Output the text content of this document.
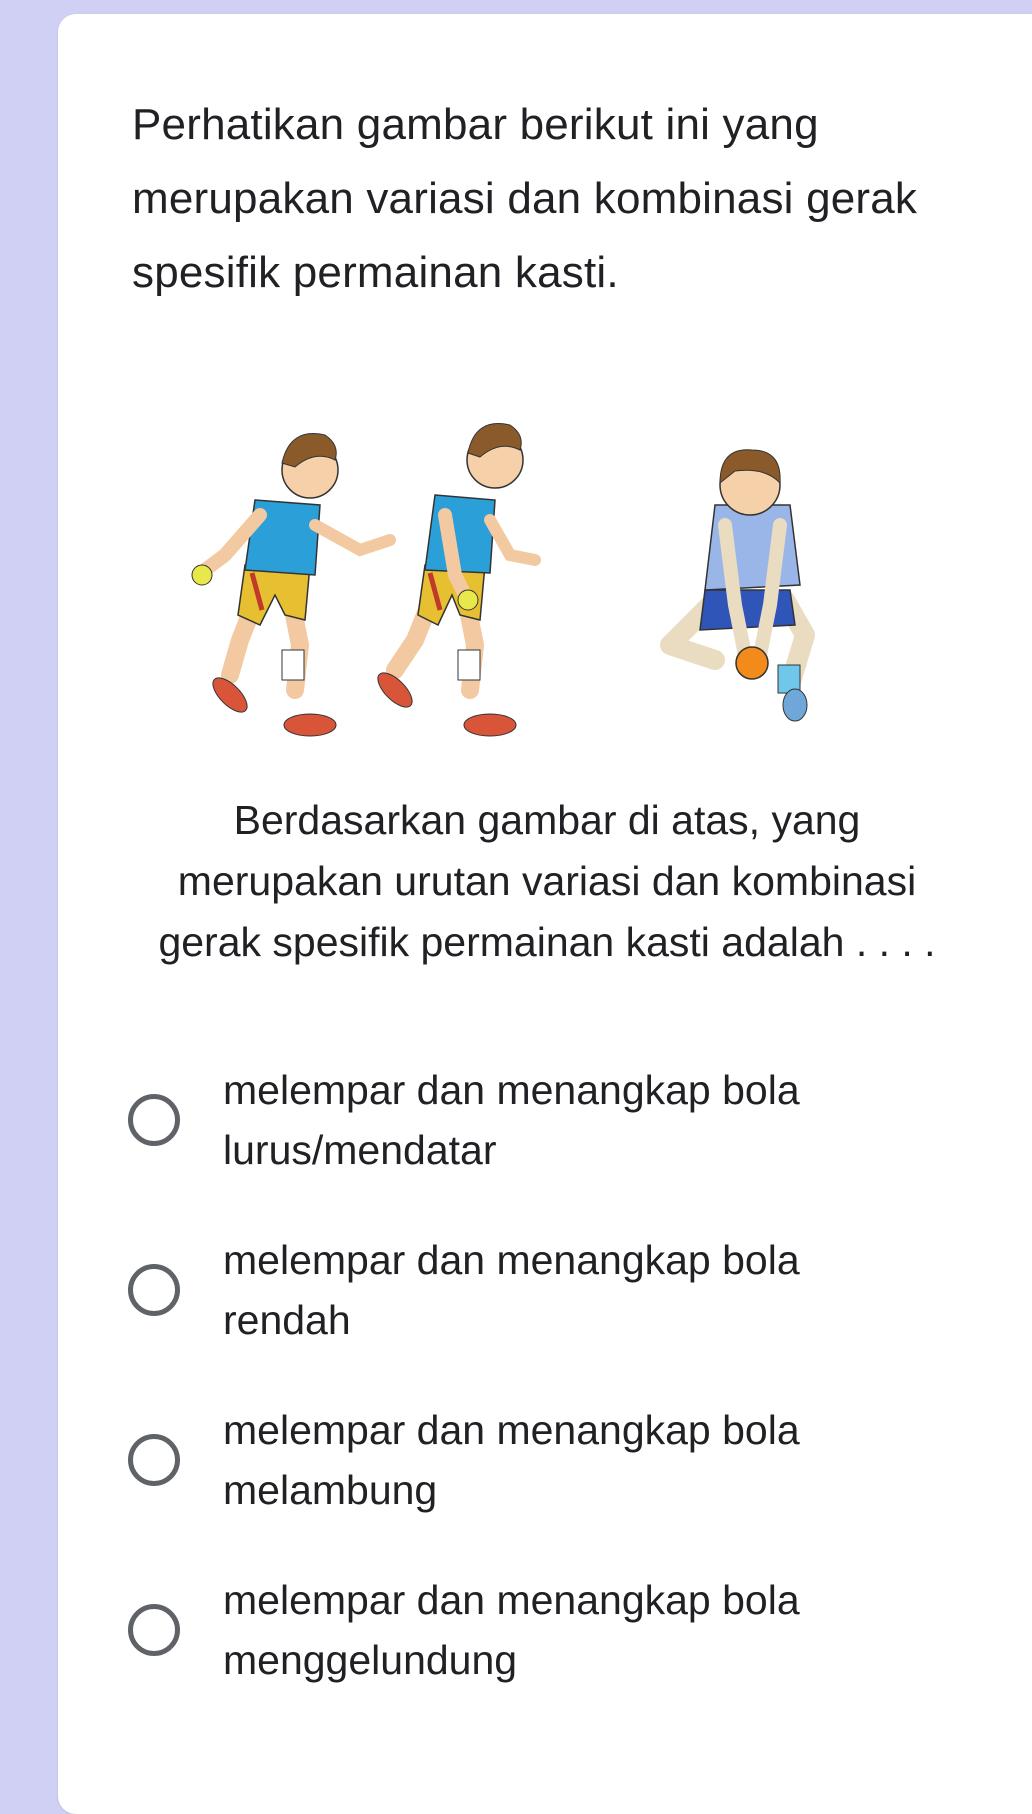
Perhatikan gambar berikut ini yang merupakan variasi dan kombinasi gerak spesifik permainan kasti.

Berdasarkan gambar di atas, yang merupakan urutan variasi dan kombinasi gerak spesifik permainan kasti adalah . . . .

melempar dan menangkap bola lurus/mendatar
melempar dan menangkap bola rendah
melempar dan menangkap bola melambung
melempar dan menangkap bola menggelundung
